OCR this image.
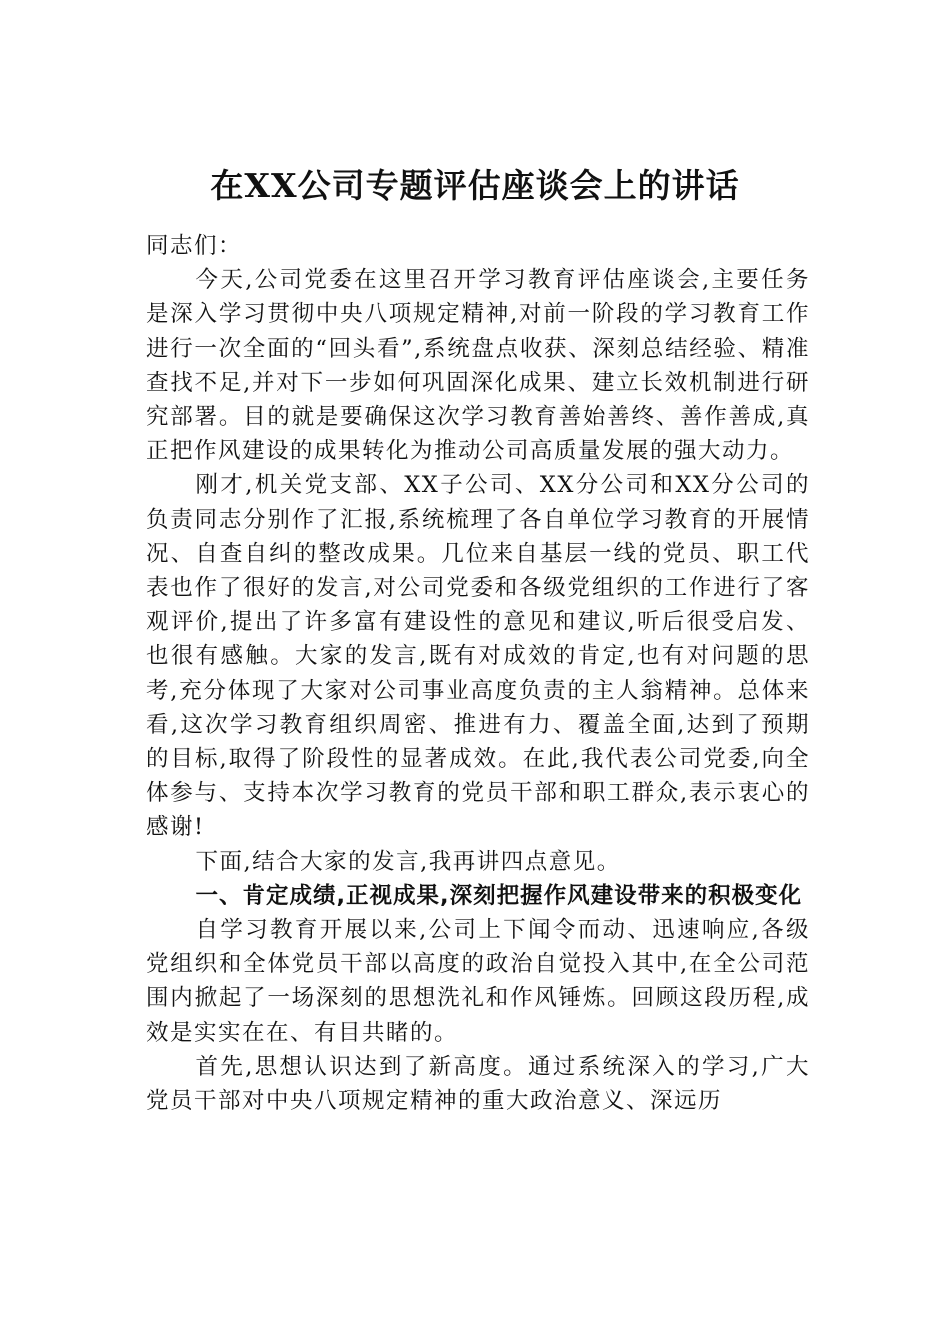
在XX公司专题评估座谈会上的讲话

同志们：

今天,公司党委在这里召开学习教育评估座谈会,主要任务是深入学习贯彻中央八项规定精神,对前一阶段的学习教育工作进行一次全面的“回头看”,系统盘点收获、深刻总结经验、精准查找不足,并对下一步如何巩固深化成果、建立长效机制进行研究部署。目的就是要确保这次学习教育善始善终、善作善成,真正把作风建设的成果转化为推动公司高质量发展的强大动力。

刚才,机关党支部、XX子公司、XX分公司和XX分公司的负责同志分别作了汇报,系统梳理了各自单位学习教育的开展情况、自查自纠的整改成果。几位来自基层一线的党员、职工代表也作了很好的发言,对公司党委和各级党组织的工作进行了客观评价,提出了许多富有建设性的意见和建议,听后很受启发、也很有感触。大家的发言,既有对成效的肯定,也有对问题的思考,充分体现了大家对公司事业高度负责的主人翁精神。总体来看,这次学习教育组织周密、推进有力、覆盖全面,达到了预期的目标,取得了阶段性的显著成效。在此,我代表公司党委,向全体参与、支持本次学习教育的党员干部和职工群众,表示衷心的感谢!

下面,结合大家的发言,我再讲四点意见。

一、肯定成绩,正视成果,深刻把握作风建设带来的积极变化

自学习教育开展以来,公司上下闻令而动、迅速响应,各级党组织和全体党员干部以高度的政治自觉投入其中,在全公司范围内掀起了一场深刻的思想洗礼和作风锤炼。回顾这段历程,成效是实实在在、有目共睹的。

首先,思想认识达到了新高度。通过系统深入的学习,广大党员干部对中央八项规定精神的重大政治意义、深远历
